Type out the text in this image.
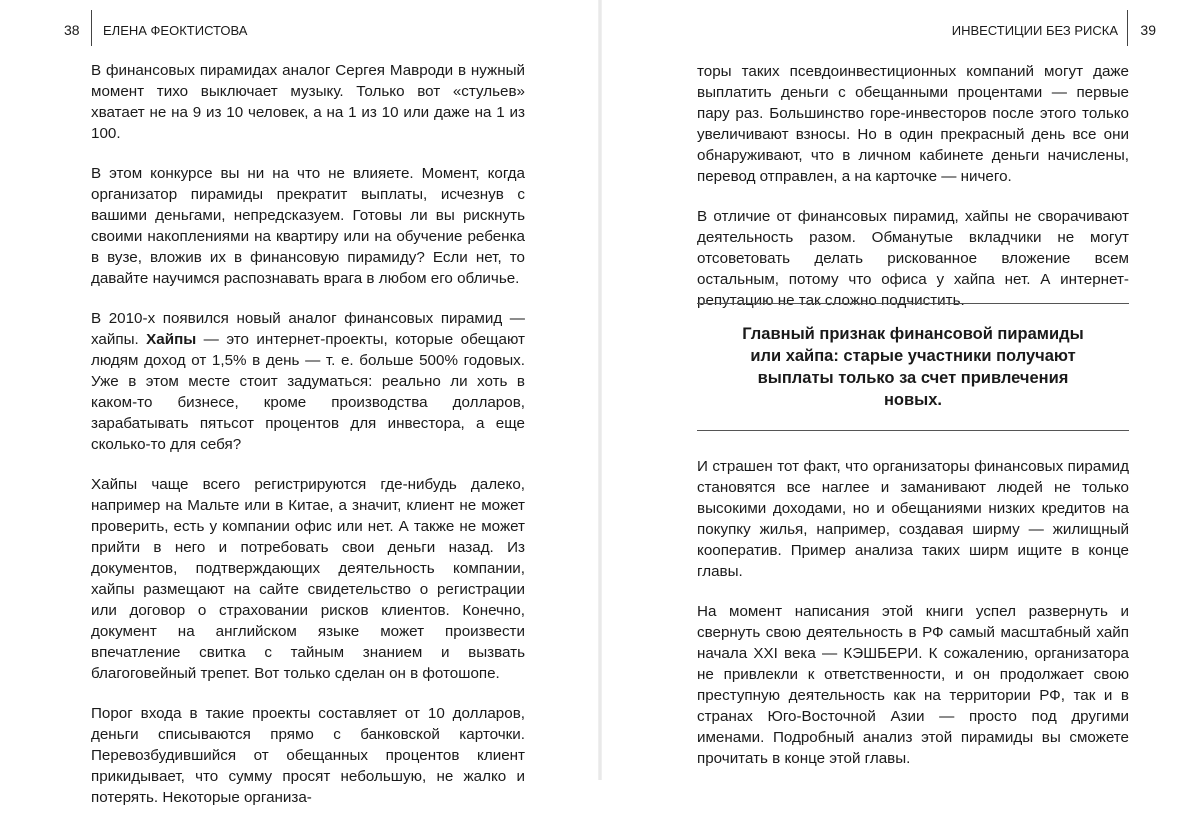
38 ЕЛЕНА ФЕОКТИСТОВА

В финансовых пирамидах аналог Сергея Мавроди в нужный момент тихо выключает музыку. Только вот «стульев» хватает не на 9 из 10 человек, а на 1 из 10 или даже на 1 из 100.

В этом конкурсе вы ни на что не влияете. Момент, когда организатор пирамиды прекратит выплаты, исчезнув с вашими деньгами, непредсказуем. Готовы ли вы рискнуть своими накоплениями на квартиру или на обучение ребенка в вузе, вложив их в финансовую пирамиду? Если нет, то давайте научимся распознавать врага в любом его обличье.

В 2010-х появился новый аналог финансовых пирамид — хайпы. Хайпы — это интернет-проекты, которые обещают людям доход от 1,5% в день — т. е. больше 500% годовых. Уже в этом месте стоит задуматься: реально ли хоть в каком-то бизнесе, кроме производства долларов, зарабатывать пятьсот процентов для инвестора, а еще сколько-то для себя?

Хайпы чаще всего регистрируются где-нибудь далеко, например на Мальте или в Китае, а значит, клиент не может проверить, есть у компании офис или нет. А также не может прийти в него и потребовать свои деньги назад. Из документов, подтверждающих деятельность компании, хайпы размещают на сайте свидетельство о регистрации или договор о страховании рисков клиентов. Конечно, документ на английском языке может произвести впечатление свитка с тайным знанием и вызвать благоговейный трепет. Вот только сделан он в фотошопе.

Порог входа в такие проекты составляет от 10 долларов, деньги списываются прямо с банковской карточки. Перевозбудившийся от обещанных процентов клиент прикидывает, что сумму просят небольшую, не жалко и потерять. Некоторые организа-

ИНВЕСТИЦИИ БЕЗ РИСКА 39

торы таких псевдоинвестиционных компаний могут даже выплатить деньги с обещанными процентами — первые пару раз. Большинство горе-инвесторов после этого только увеличивают взносы. Но в один прекрасный день все они обнаруживают, что в личном кабинете деньги начислены, перевод отправлен, а на карточке — ничего.

В отличие от финансовых пирамид, хайпы не сворачивают деятельность разом. Обманутые вкладчики не могут отсоветовать делать рискованное вложение всем остальным, потому что офиса у хайпа нет. А интернет-репутацию не так сложно подчистить.

Главный признак финансовой пирамиды или хайпа: старые участники получают выплаты только за счет привлечения новых.

И страшен тот факт, что организаторы финансовых пирамид становятся все наглее и заманивают людей не только высокими доходами, но и обещаниями низких кредитов на покупку жилья, например, создавая ширму — жилищный кооператив. Пример анализа таких ширм ищите в конце главы.

На момент написания этой книги успел развернуть и свернуть свою деятельность в РФ самый масштабный хайп начала XXI века — КЭШБЕРИ. К сожалению, организатора не привлекли к ответственности, и он продолжает свою преступную деятельность как на территории РФ, так и в странах Юго-Восточной Азии — просто под другими именами. Подробный анализ этой пирамиды вы сможете прочитать в конце этой главы.
